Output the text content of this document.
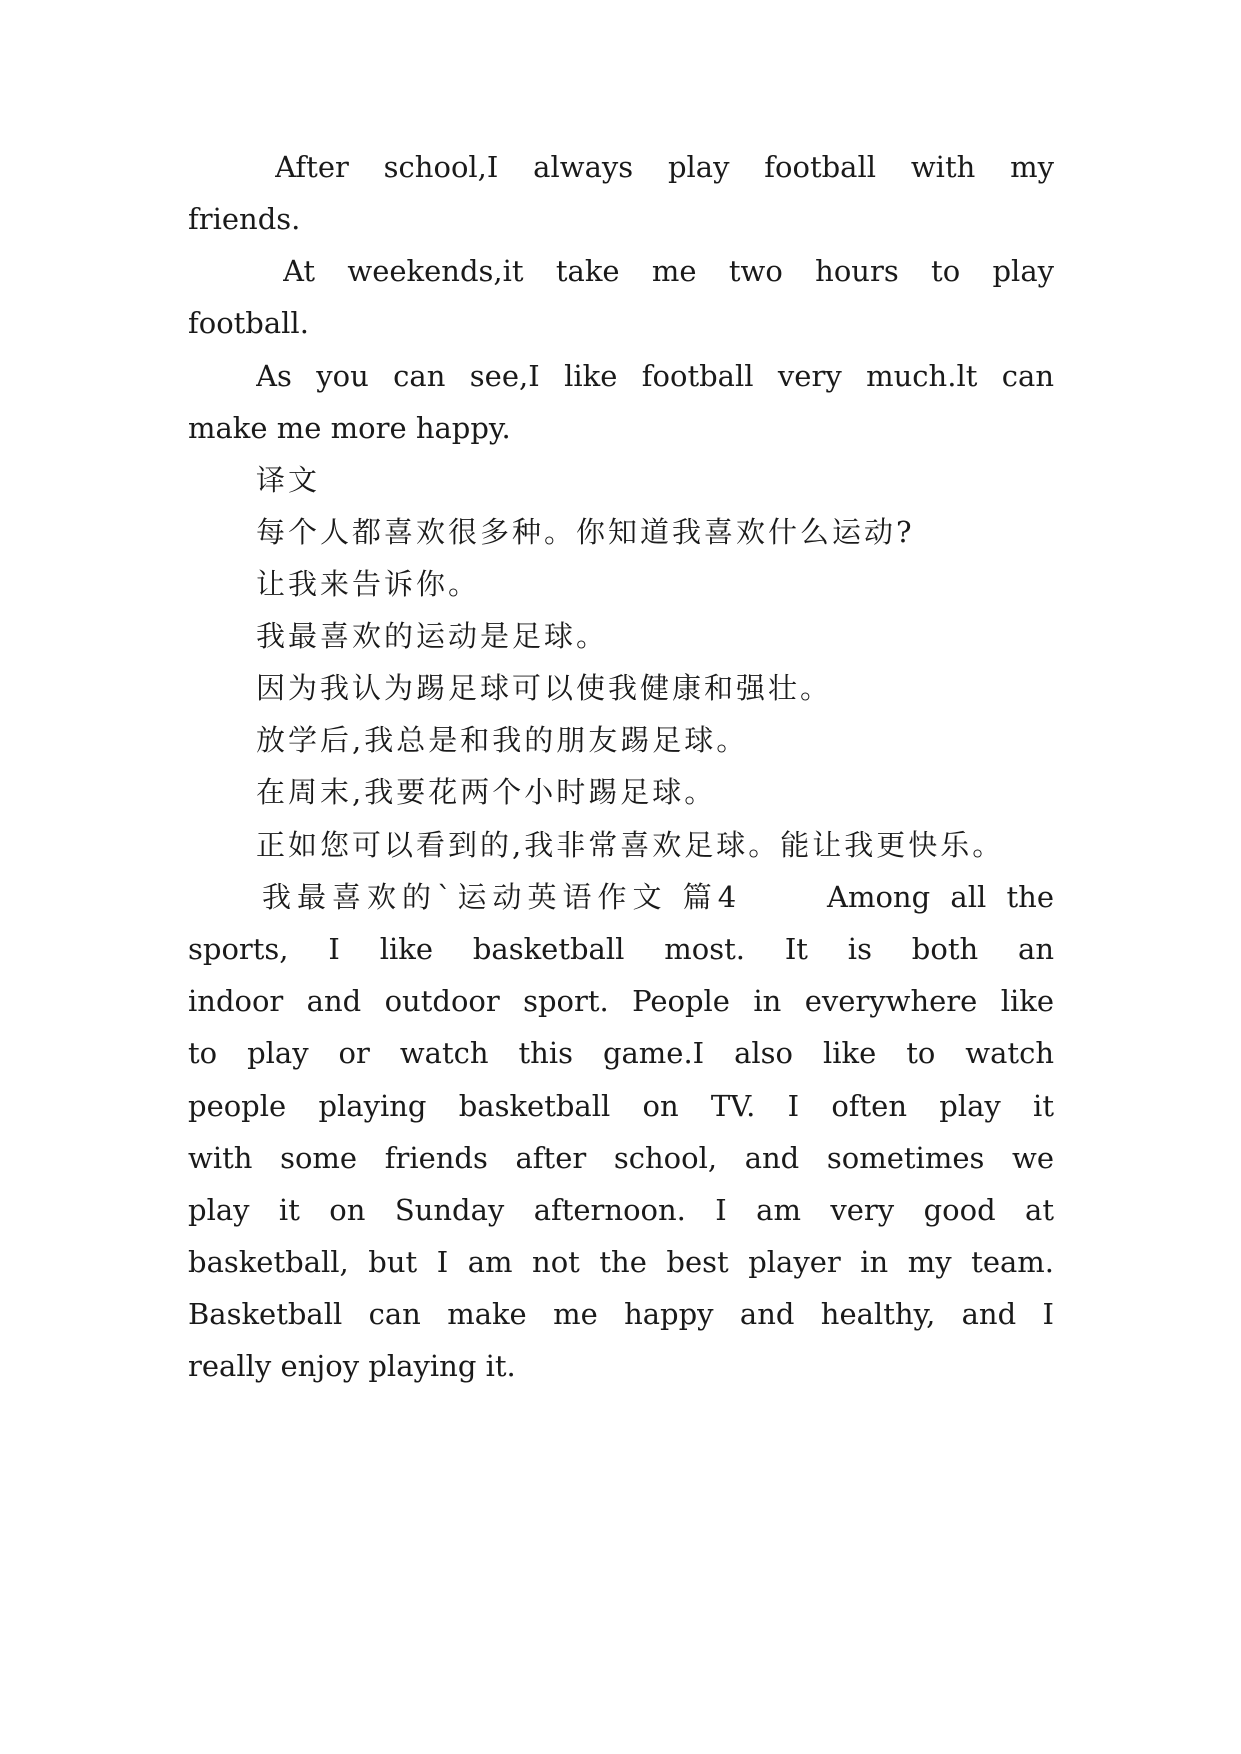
After school,I always play football with my
friends.
At weekends,it take me two hours to play
football.
As you can see,I like football very much.lt can
make me more happy.
译文
每个人都喜欢很多种。你知道我喜欢什么运动?
让我来告诉你。
我最喜欢的运动是足球。
因为我认为踢足球可以使我健康和强壮。
放学后,我总是和我的朋友踢足球。
在周末,我要花两个小时踢足球。
正如您可以看到的,我非常喜欢足球。能让我更快乐。
我最喜欢的`运动英语作文 篇4	Among all the
sports, I like basketball most. It is both an
indoor and outdoor sport. People in everywhere like
to play or watch this game.I also like to watch
people playing basketball on TV. I often play it
with some friends after school, and sometimes we
play it on Sunday afternoon. I am very good at
basketball, but I am not the best player in my team.
Basketball can make me happy and healthy, and I
really enjoy playing it.
